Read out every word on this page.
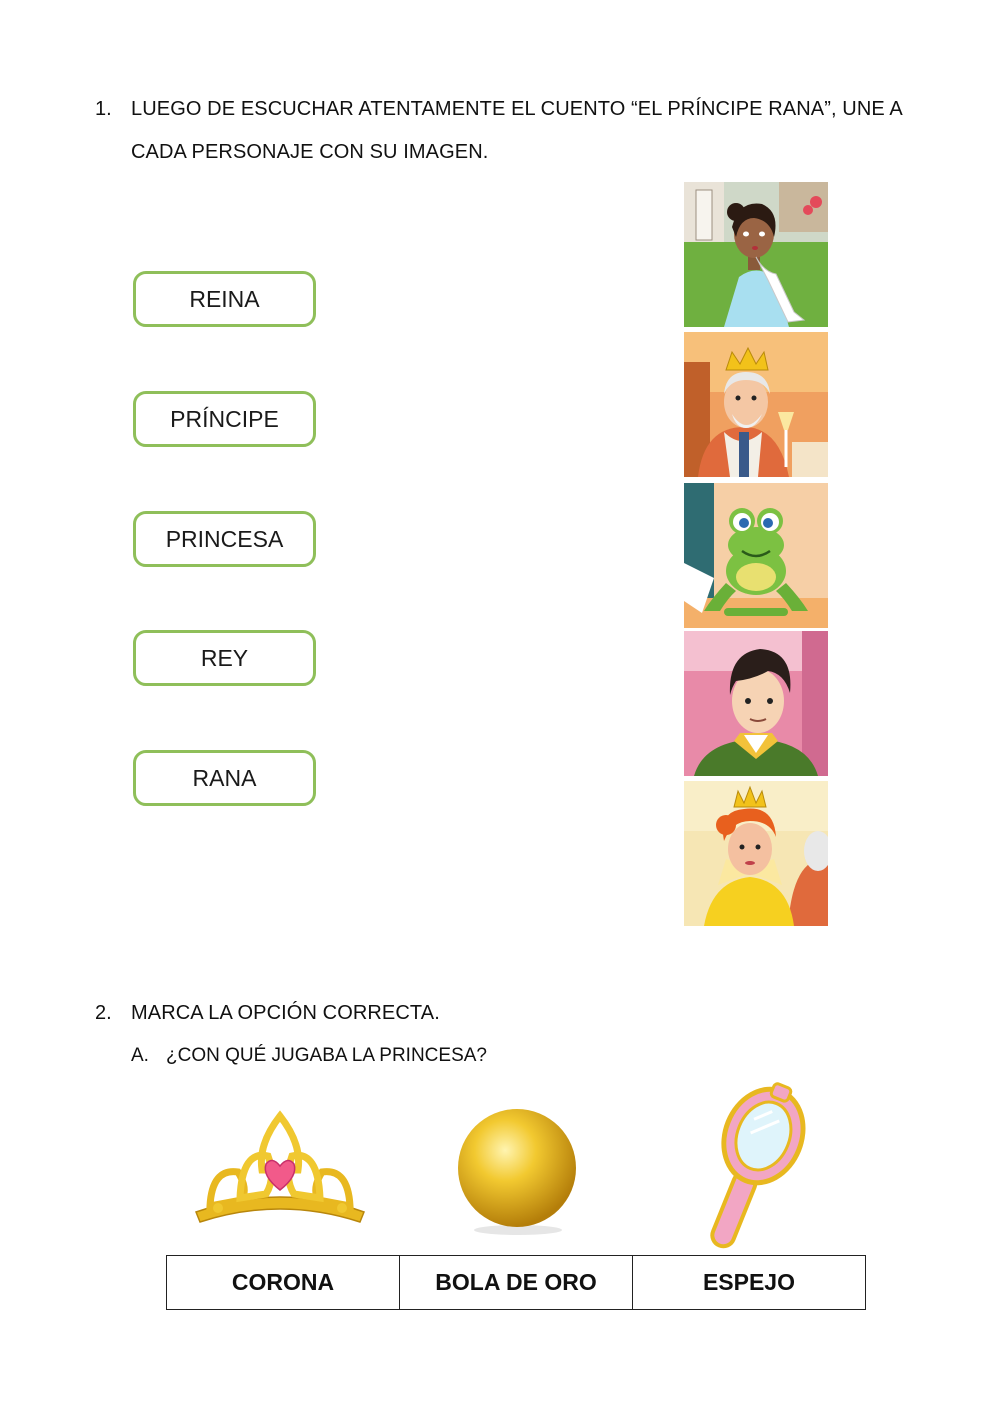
1. LUEGO DE ESCUCHAR ATENTAMENTE EL CUENTO “EL PRÍNCIPE RANA”, UNE A
CADA PERSONAJE CON SU IMAGEN.
REINA
PRÍNCIPE
PRINCESA
REY
RANA
2. MARCA LA OPCIÓN CORRECTA.
A. ¿CON QUÉ JUGABA LA PRINCESA?
CORONA	BOLA DE ORO	ESPEJO
